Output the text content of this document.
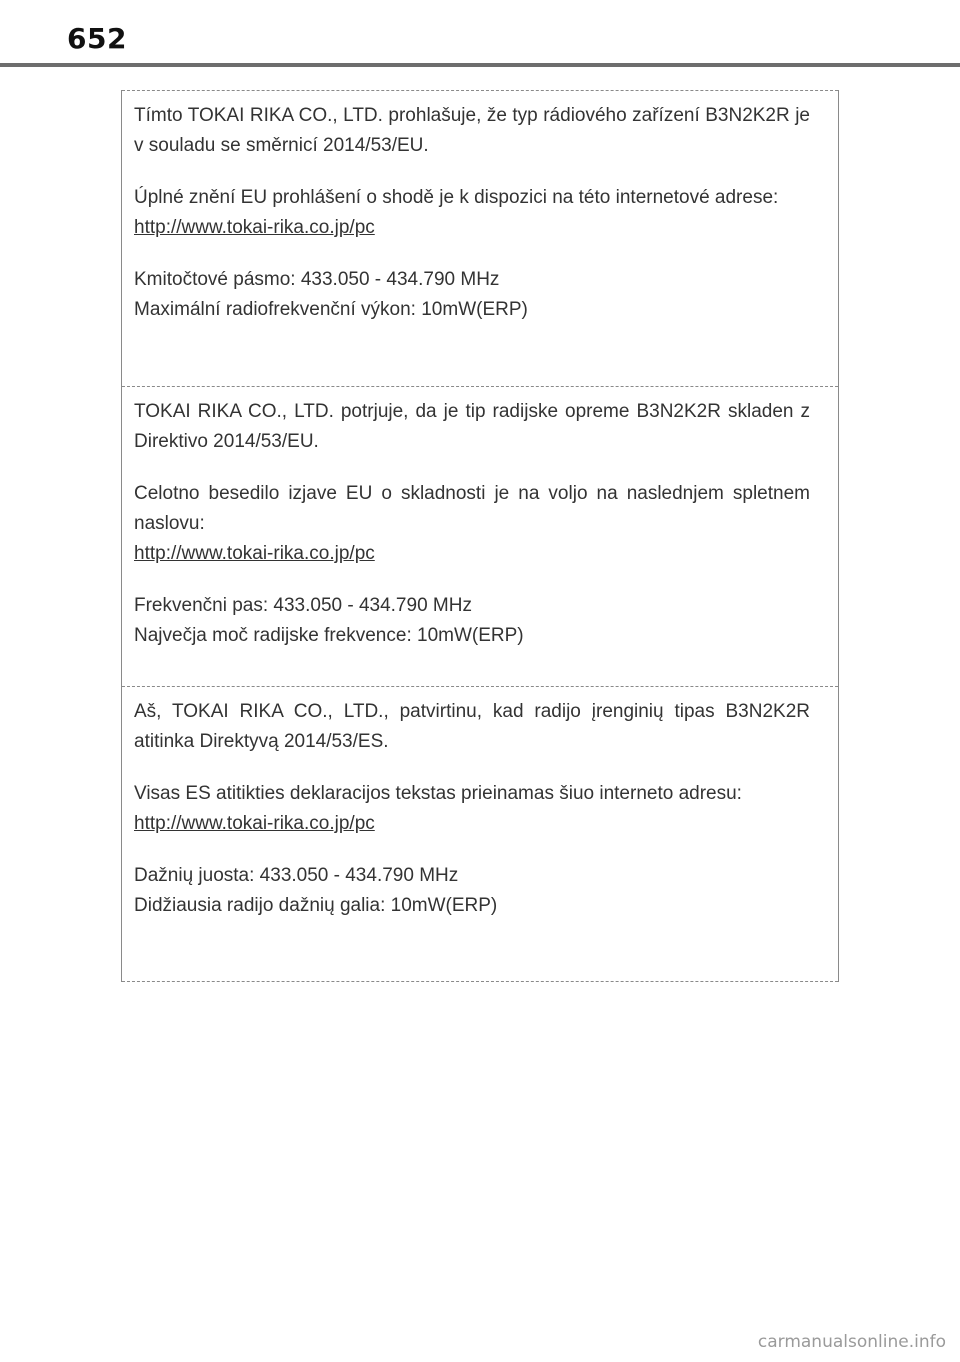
652

Tímto TOKAI RIKA CO., LTD. prohlašuje, že typ rádiového zařízení B3N2K2R je v souladu se směrnicí 2014/53/EU.

Úplné znění EU prohlášení o shodě je k dispozici na této internetové adrese:

http://www.tokai-rika.co.jp/pc
Kmitočtové pásmo: 433.050 - 434.790 MHz
Maximální radiofrekvenční výkon: 10mW(ERP)

TOKAI RIKA CO., LTD. potrjuje, da je tip radijske opreme B3N2K2R skladen z Direktivo 2014/53/EU.

Celotno besedilo izjave EU o skladnosti je na voljo na naslednjem spletnem naslovu:

http://www.tokai-rika.co.jp/pc
Frekvenčni pas: 433.050 - 434.790 MHz
Največja moč radijske frekvence: 10mW(ERP)

Aš, TOKAI RIKA CO., LTD., patvirtinu, kad radijo įrenginių tipas B3N2K2R atitinka Direktyvą 2014/53/ES.

Visas ES atitikties deklaracijos tekstas prieinamas šiuo interneto adresu:

http://www.tokai-rika.co.jp/pc
Dažnių juosta: 433.050 - 434.790 MHz
Didžiausia radijo dažnių galia: 10mW(ERP)
carmanualsonline.info
